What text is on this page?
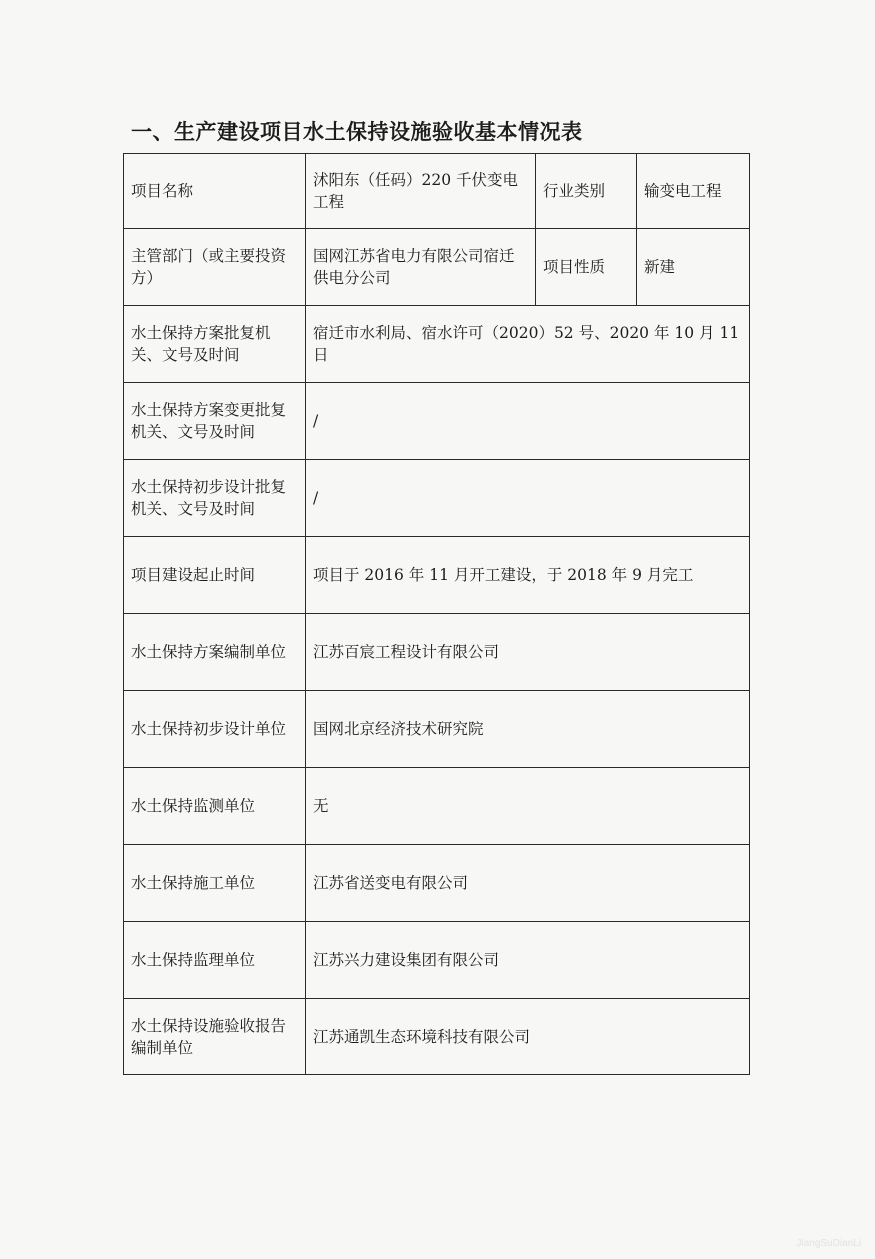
一、生产建设项目水土保持设施验收基本情况表
项目名称	沭阳东（任码）220 千伏变电工程	行业类别	输变电工程
主管部门（或主要投资方）	国网江苏省电力有限公司宿迁供电分公司	项目性质	新建
水土保持方案批复机关、文号及时间	宿迁市水利局、宿水许可（2020）52 号、2020 年 10 月 11 日		
水土保持方案变更批复机关、文号及时间	/		
水土保持初步设计批复机关、文号及时间	/		
项目建设起止时间	项目于 2016 年 11 月开工建设，于 2018 年 9 月完工		
水土保持方案编制单位	江苏百宸工程设计有限公司		
水土保持初步设计单位	国网北京经济技术研究院		
水土保持监测单位	无		
水土保持施工单位	江苏省送变电有限公司		
水土保持监理单位	江苏兴力建设集团有限公司		
水土保持设施验收报告编制单位	江苏通凯生态环境科技有限公司		
JiangSuDianLi
